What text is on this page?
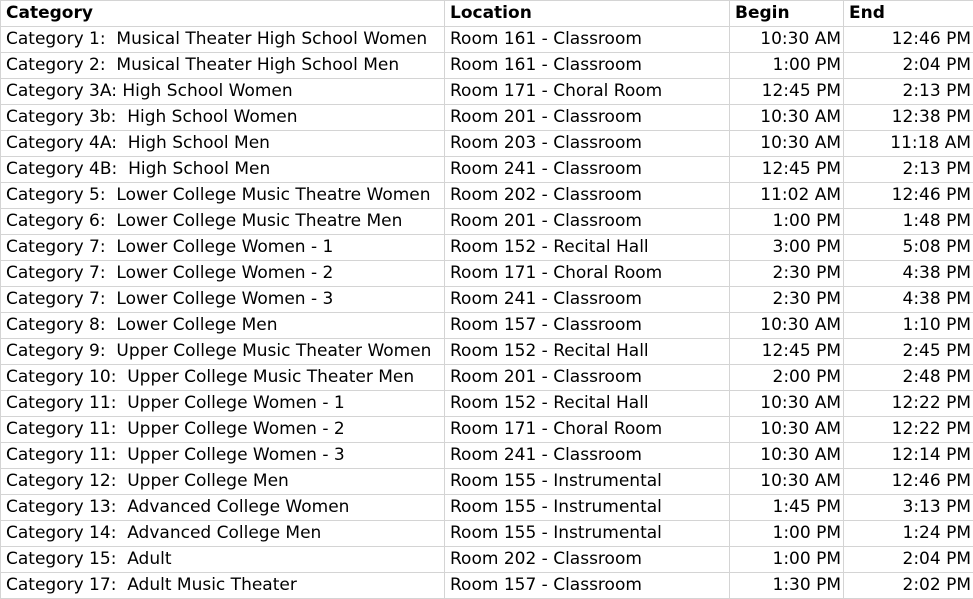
Category	Location	Begin	End
Category 1:  Musical Theater High School Women	Room 161 - Classroom	10:30 AM	12:46 PM
Category 2:  Musical Theater High School Men	Room 161 - Classroom	1:00 PM	2:04 PM
Category 3A: High School Women	Room 171 - Choral Room	12:45 PM	2:13 PM
Category 3b:  High School Women	Room 201 - Classroom	10:30 AM	12:38 PM
Category 4A:  High School Men	Room 203 - Classroom	10:30 AM	11:18 AM
Category 4B:  High School Men	Room 241 - Classroom	12:45 PM	2:13 PM
Category 5:  Lower College Music Theatre Women	Room 202 - Classroom	11:02 AM	12:46 PM
Category 6:  Lower College Music Theatre Men	Room 201 - Classroom	1:00 PM	1:48 PM
Category 7:  Lower College Women - 1	Room 152 - Recital Hall	3:00 PM	5:08 PM
Category 7:  Lower College Women - 2	Room 171 - Choral Room	2:30 PM	4:38 PM
Category 7:  Lower College Women - 3	Room 241 - Classroom	2:30 PM	4:38 PM
Category 8:  Lower College Men	Room 157 - Classroom	10:30 AM	1:10 PM
Category 9:  Upper College Music Theater Women	Room 152 - Recital Hall	12:45 PM	2:45 PM
Category 10:  Upper College Music Theater Men	Room 201 - Classroom	2:00 PM	2:48 PM
Category 11:  Upper College Women - 1	Room 152 - Recital Hall	10:30 AM	12:22 PM
Category 11:  Upper College Women - 2	Room 171 - Choral Room	10:30 AM	12:22 PM
Category 11:  Upper College Women - 3	Room 241 - Classroom	10:30 AM	12:14 PM
Category 12:  Upper College Men	Room 155 - Instrumental	10:30 AM	12:46 PM
Category 13:  Advanced College Women	Room 155 - Instrumental	1:45 PM	3:13 PM
Category 14:  Advanced College Men	Room 155 - Instrumental	1:00 PM	1:24 PM
Category 15:  Adult	Room 202 - Classroom	1:00 PM	2:04 PM
Category 17:  Adult Music Theater	Room 157 - Classroom	1:30 PM	2:02 PM
